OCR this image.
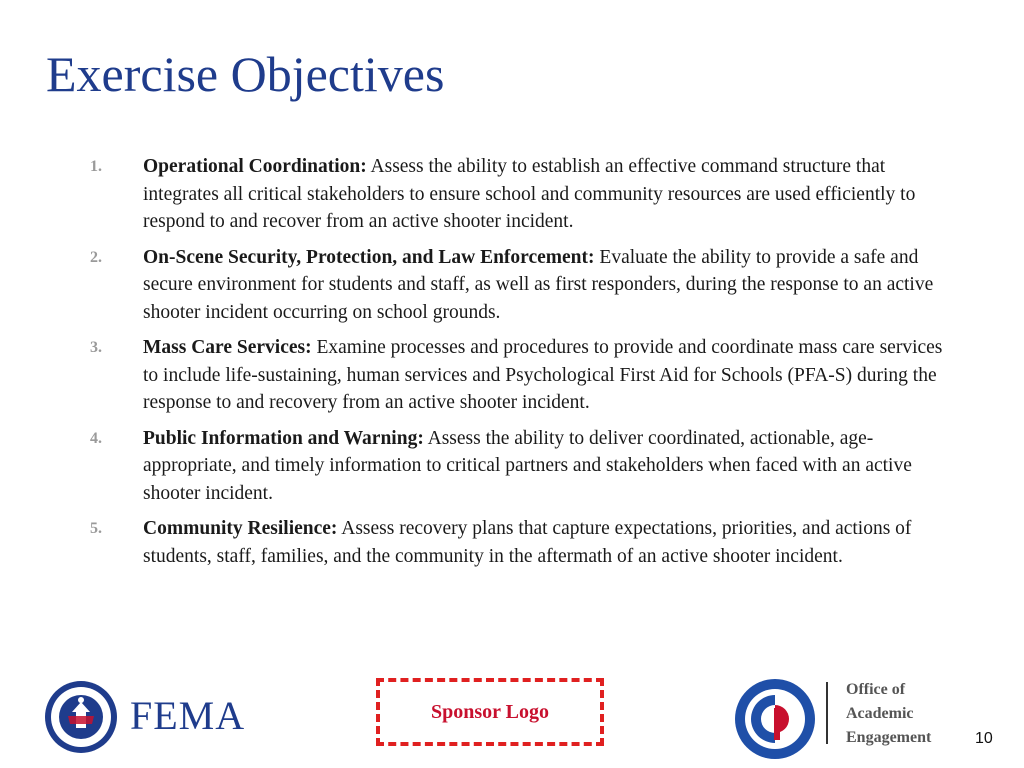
Exercise Objectives
1.	Operational Coordination: Assess the ability to establish an effective command structure that integrates all critical stakeholders to ensure school and community resources are used efficiently to respond to and recover from an active shooter incident.
2.	On-Scene Security, Protection, and Law Enforcement: Evaluate the ability to provide a safe and secure environment for students and staff, as well as first responders, during the response to an active shooter incident occurring on school grounds.
3.	Mass Care Services: Examine processes and procedures to provide and coordinate mass care services to include life-sustaining, human services and Psychological First Aid for Schools (PFA-S) during the response to and recovery from an active shooter incident.
4.	Public Information and Warning: Assess the ability to deliver coordinated, actionable, age-appropriate, and timely information to critical partners and stakeholders when faced with an active shooter incident.
5.	Community Resilience: Assess recovery plans that capture expectations, priorities, and actions of students, staff, families, and the community in the aftermath of an active shooter incident.
FEMA	Sponsor Logo
Office of
Academic
Engagement	10
